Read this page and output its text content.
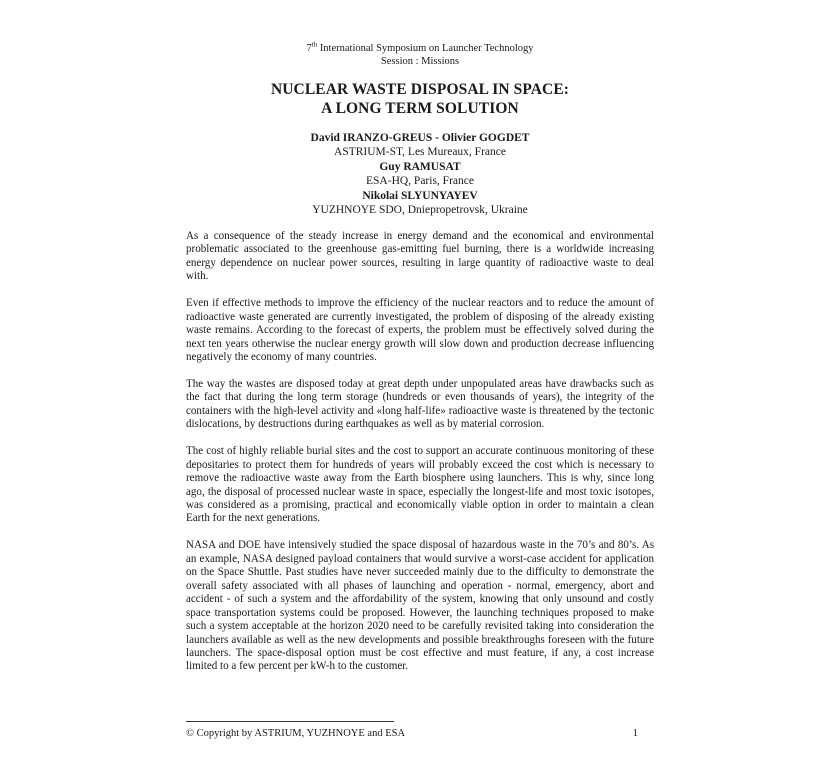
7th International Symposium on Launcher Technology
Session : Missions
NUCLEAR WASTE DISPOSAL IN SPACE:
A LONG TERM SOLUTION
David IRANZO-GREUS - Olivier GOGDET
ASTRIUM-ST, Les Mureaux, France
Guy RAMUSAT
ESA-HQ, Paris, France
Nikolai SLYUNYAYEV
YUZHNOYE SDO, Dniepropetrovsk, Ukraine

As a consequence of the steady increase in energy demand and the economical and environmental problematic associated to the greenhouse gas-emitting fuel burning, there is a worldwide increasing energy dependence on nuclear power sources, resulting in large quantity of radioactive waste to deal with.

Even if effective methods to improve the efficiency of the nuclear reactors and to reduce the amount of radioactive waste generated are currently investigated, the problem of disposing of the already existing waste remains. According to the forecast of experts, the problem must be effectively solved during the next ten years otherwise the nuclear energy growth will slow down and production decrease influencing negatively the economy of many countries.

The way the wastes are disposed today at great depth under unpopulated areas have drawbacks such as the fact that during the long term storage (hundreds or even thousands of years), the integrity of the containers with the high-level activity and «long half-life» radioactive waste is threatened by the tectonic dislocations, by destructions during earthquakes as well as by material corrosion.

The cost of highly reliable burial sites and the cost to support an accurate continuous monitoring of these depositaries to protect them for hundreds of years will probably exceed the cost which is necessary to remove the radioactive waste away from the Earth biosphere using launchers. This is why, since long ago, the disposal of processed nuclear waste in space, especially the longest-life and most toxic isotopes, was considered as a promising, practical and economically viable option in order to maintain a clean Earth for the next generations.

NASA and DOE have intensively studied the space disposal of hazardous waste in the 70’s and 80’s. As an example, NASA designed payload containers that would survive a worst-case accident for application on the Space Shuttle. Past studies have never succeeded mainly due to the difficulty to demonstrate the overall safety associated with all phases of launching and operation - normal, emergency, abort and accident - of such a system and the affordability of the system, knowing that only unsound and costly space transportation systems could be proposed. However, the launching techniques proposed to make such a system acceptable at the horizon 2020 need to be carefully revisited taking into consideration the launchers available as well as the new developments and possible breakthroughs foreseen with the future launchers. The space-disposal option must be cost effective and must feature, if any, a cost increase limited to a few percent per kW-h to the customer.

© Copyright by ASTRIUM, YUZHNOYE and ESA	1
